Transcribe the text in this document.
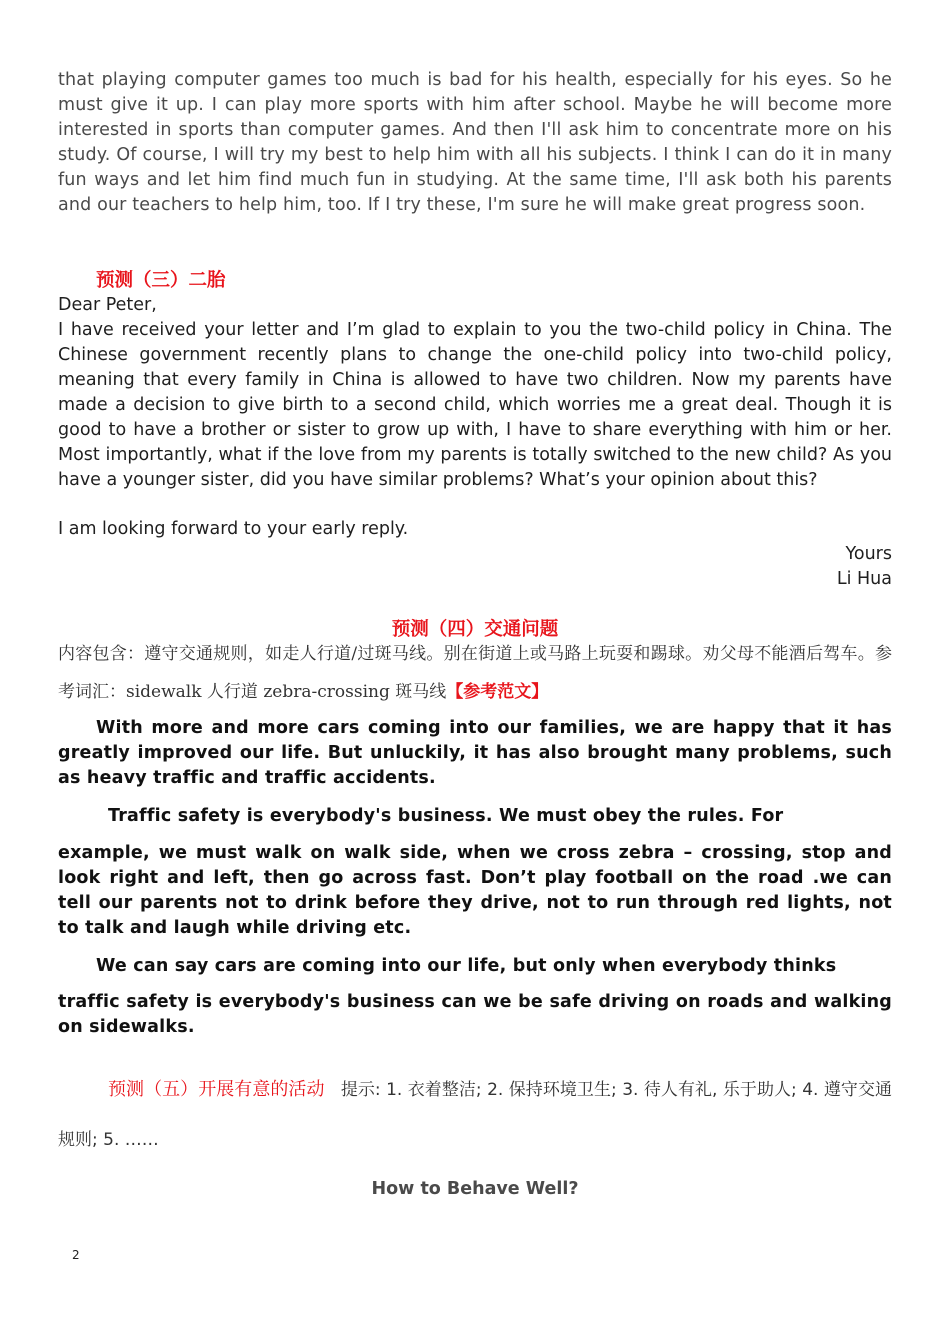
that playing computer games too much is bad for his health, especially for his eyes. So he must give it up. I can play more sports with him after school. Maybe he will become more interested in sports than computer games. And then I'll ask him to concentrate more on his study. Of course, I will try my best to help him with all his subjects. I think I can do it in many fun ways and let him find much fun in studying. At the same time, I'll ask both his parents and our teachers to help him, too. If I try these, I'm sure he will make great progress soon.

预测（三）二胎

Dear Peter,

I have received your letter and I’m glad to explain to you the two-child policy in China. The Chinese government recently plans to change the one-child policy into two-child policy, meaning that every family in China is allowed to have two children. Now my parents have made a decision to give birth to a second child, which worries me a great deal. Though it is good to have a brother or sister to grow up with, I have to share everything with him or her. Most importantly, what if the love from my parents is totally switched to the new child? As you have a younger sister, did you have similar problems? What’s your opinion about this?

I am looking forward to your early reply.

Yours

Li Hua

预测（四）交通问题

内容包含：遵守交通规则，如走人行道/过斑马线。别在街道上或马路上玩耍和踢球。劝父母不能酒后驾车。参考词汇：sidewalk 人行道 zebra-crossing 斑马线【参考范文】

With more and more cars coming into our families, we are happy that it has greatly improved our life. But unluckily, it has also brought many problems, such as heavy traffic and traffic accidents.

Traffic safety is everybody's business. We must obey the rules. For

example, we must walk on walk side, when we cross zebra – crossing, stop and look right and left, then go across fast. Don’t play football on the road .we can tell our parents not to drink before they drive, not to run through red lights, not to talk and laugh while driving etc.

We can say cars are coming into our life, but only when everybody thinks

traffic safety is everybody's business can we be safe driving on roads and walking on sidewalks.

预测（五）开展有意的活动 提示: 1. 衣着整洁; 2. 保持环境卫生; 3. 待人有礼, 乐于助人; 4. 遵守交通规则; 5. ……

How to Behave Well?

2
